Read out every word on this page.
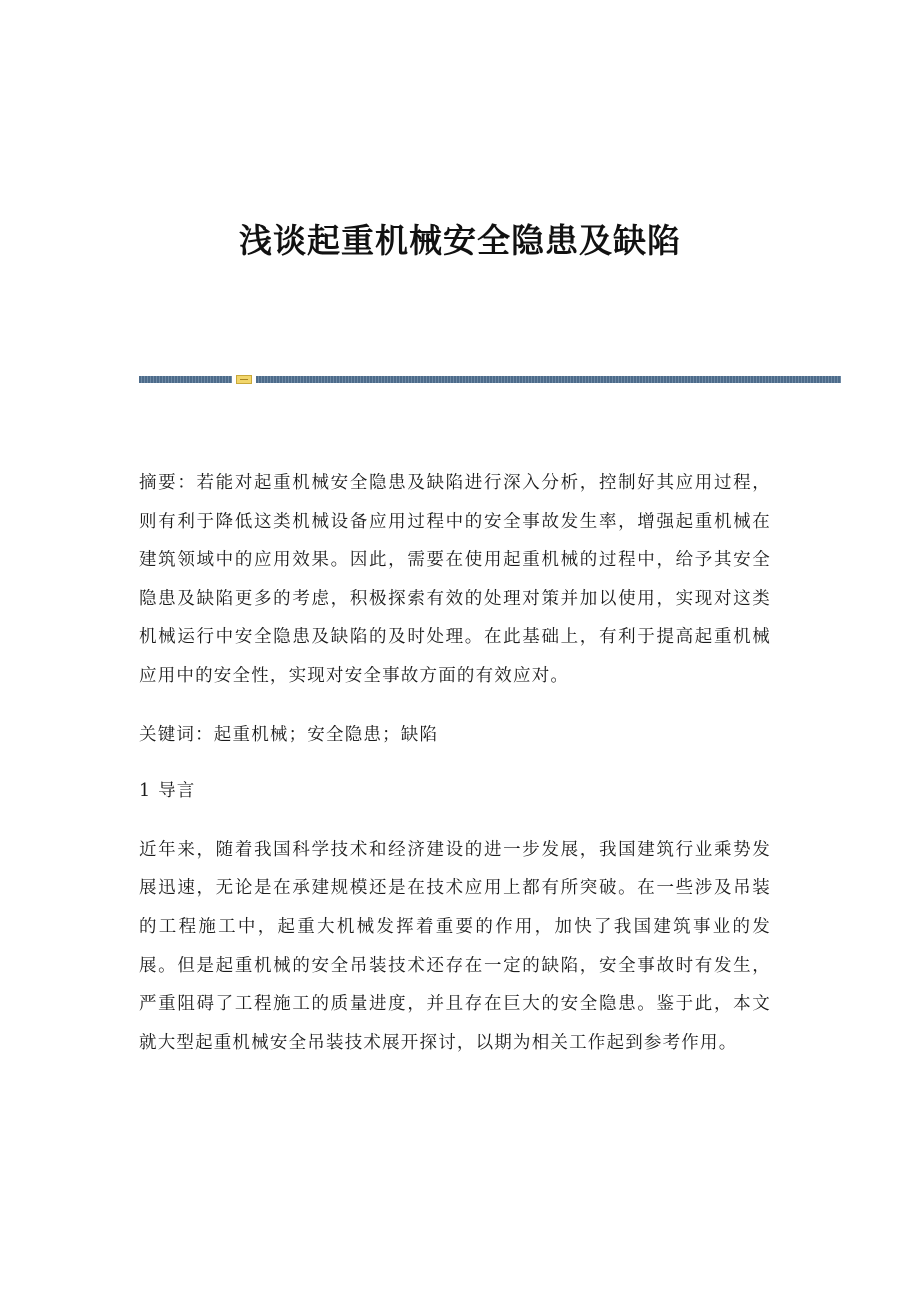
浅谈起重机械安全隐患及缺陷

摘要：若能对起重机械安全隐患及缺陷进行深入分析，控制好其应用过程，则有利于降低这类机械设备应用过程中的安全事故发生率，增强起重机械在建筑领域中的应用效果。因此，需要在使用起重机械的过程中，给予其安全隐患及缺陷更多的考虑，积极探索有效的处理对策并加以使用，实现对这类机械运行中安全隐患及缺陷的及时处理。在此基础上，有利于提高起重机械应用中的安全性，实现对安全事故方面的有效应对。

关键词：起重机械；安全隐患；缺陷

1 导言

近年来，随着我国科学技术和经济建设的进一步发展，我国建筑行业乘势发展迅速，无论是在承建规模还是在技术应用上都有所突破。在一些涉及吊装的工程施工中，起重大机械发挥着重要的作用，加快了我国建筑事业的发展。但是起重机械的安全吊装技术还存在一定的缺陷，安全事故时有发生，严重阻碍了工程施工的质量进度，并且存在巨大的安全隐患。鉴于此，本文就大型起重机械安全吊装技术展开探讨，以期为相关工作起到参考作用。
